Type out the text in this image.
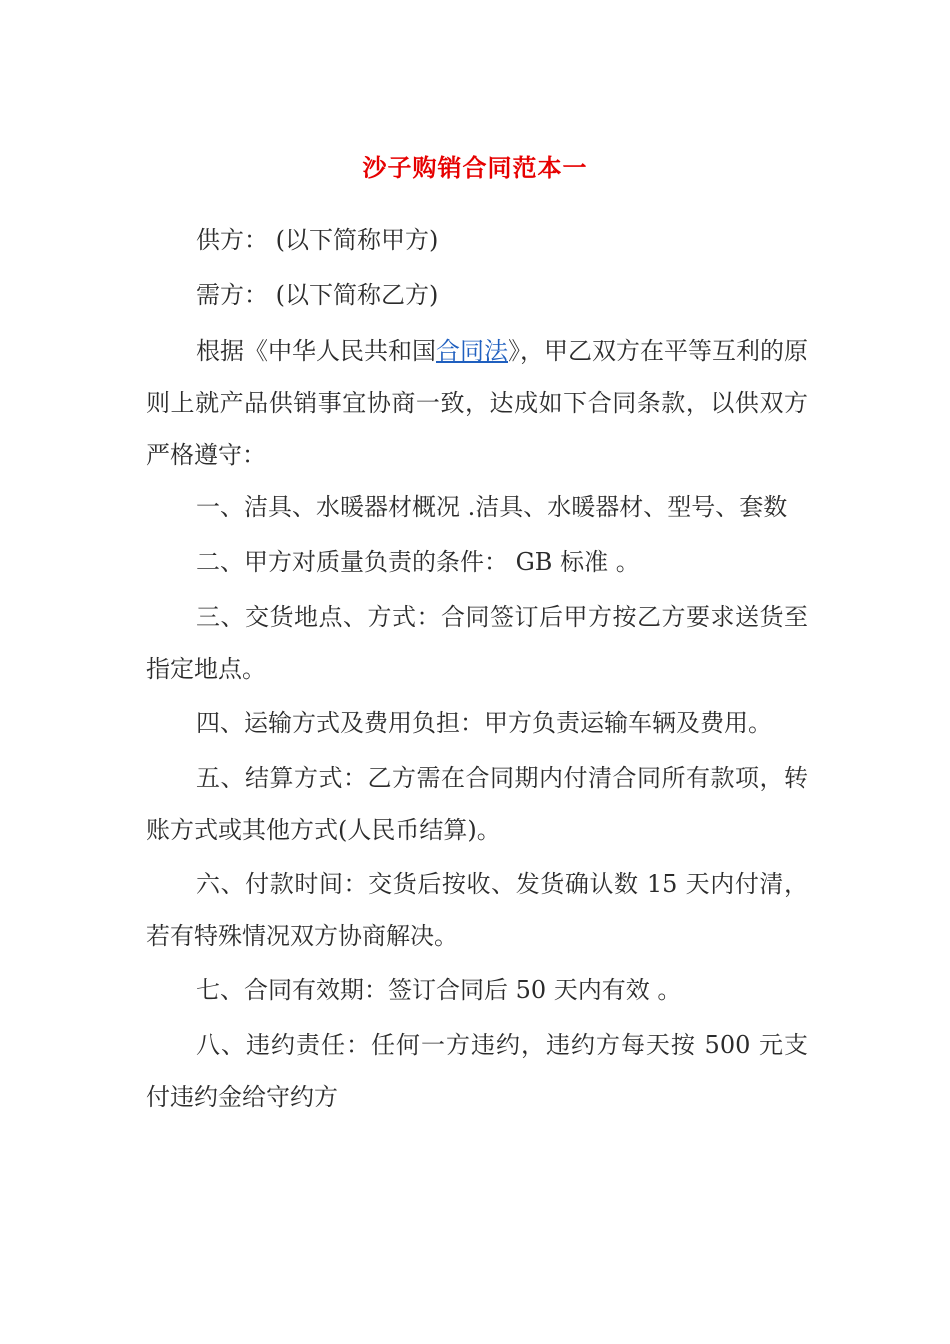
沙子购销合同范本一

供方： (以下简称甲方)

需方： (以下简称乙方)

根据《中华人民共和国合同法》，甲乙双方在平等互利的原则上就产品供销事宜协商一致，达成如下合同条款，以供双方严格遵守：

一、洁具、水暖器材概况 .洁具、水暖器材、型号、套数

二、甲方对质量负责的条件： GB 标准 。

三、交货地点、方式：合同签订后甲方按乙方要求送货至指定地点。

四、运输方式及费用负担：甲方负责运输车辆及费用。

五、结算方式：乙方需在合同期内付清合同所有款项，转账方式或其他方式(人民币结算)。

六、付款时间：交货后按收、发货确认数 15 天内付清，若有特殊情况双方协商解决。

七、合同有效期：签订合同后 50 天内有效 。

八、违约责任：任何一方违约，违约方每天按 500 元支付违约金给守约方
